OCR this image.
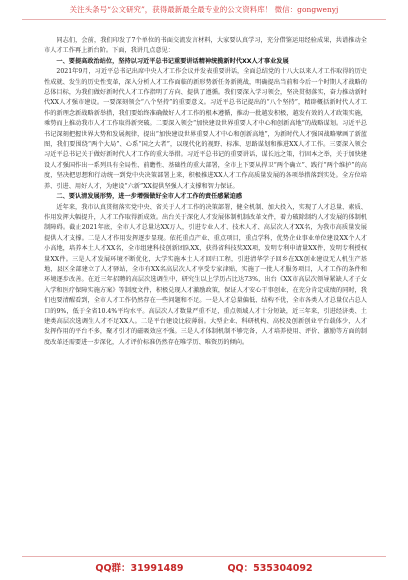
关注头条号“公文研究”，获得最新最全最专业的公文资料库！ 微信：gongwenyj

同志们，会前，我们印发了7个单位的书面交流发言材料，大家要认真学习，充分借鉴运用经验成果，共谱推动全市人才工作再上新台阶。下面，我讲几点意见：

一、要提高政治站位，坚持以习近平总书记重要讲话精神统揽新时代XX人才事业发展

2021年9月，习近平总书记出席中央人才工作会议并发表重要讲话，全面总结党的十八大以来人才工作取得的历史性成就、发生的历史性变革，深入分析人才工作面临的新形势新任务新挑战，明确提出当前和今后一个时期人才战略的总体目标，为我们做好新时代人才工作指明了方向、提供了遵循。我们要深入学习领会，坚决贯彻落实，奋力推动新时代XX人才强市建设。一要深刻领会“八个坚持”的重要意义。习近平总书记提出的“八个坚持”，精辟概括新时代人才工作的新理念新战略新举措，我们要始终准确做好人才工作的根本遵循，推动一批越发积极，越发有效的人才政策实施，乘势而上推动我市人才工作取得新突破。二要深入领会“加快建设世界重要人才中心和创新高地”的战略谋划。习近平总书记深刻把握世界大势和发展规律，提出“加快建设世界重要人才中心和创新高地”，为新时代人才强国战略擘画了新蓝图，我们要围绕“两个大局”、心系“国之大者”，以现代化的视野、标准、思路谋划和推进XX人才工作。三要深入领会习近平总书记关于做好新时代人才工作的重大举措。习近平总书记的重要讲话，谋长远之策，行固本之举，关于加快建设人才强国作出一系列具有全局性、前瞻性、基础性的重大部署，全市上下要从捍卫“两个确立”、践行“两个维护”的高度，坚决把思想和行动统一到党中央决策部署上来，积极推进XX人才工作高质量发展的各项举措落到实处。全方位培养、引进、用好人才，为建设“六新”XX提供坚强人才支撑和智力保证。

二、要认清发展形势，进一步增强做好全市人才工作的责任感紧迫感

近年来，我市认真贯彻落实党中央、省关于人才工作的决策部署，健全机制、加大投入，实现了人才总量、素质、作用发挥大幅提升，人才工作取得新成效。出台关于深化人才发展体制机制改革文件，着力破除制约人才发展的体制机制障碍。截止2021年底，全市人才总量达XX万人，引进专业人才、技术人才、高层次人才XX名，为我市高质量发展提供人才支撑。二是人才作用发挥逐步显现。依托重点产业、重点项目，重点学科，优势企业事业单位建设XX个人才小高地，培养本土人才XX名，全市组建科技创新团队XX，获得省科技奖XX项，发明专利申请量XX件，发明专利授权量XX件。三是人才发展环境不断优化，大学实施本土人才回归工程，引进清华学子回乡在XX创业建设无人机生产基地，县区全部建立了人才驿站，全市有XX名高层次人才享受专家津贴，实施了一批人才服务项目，人才工作的条件和环境逐步改善。在近三年招聘的高层次选调生中，研究生以上学历占比达73%，出台《XX市高层次领导紧缺人才子女入学和医疗保障实施方案》等制度文件，积极兑现人才激励政策，保证人才安心干事创业，在充分肯定成绩的同时，我们也要清醒看到，全市人才工作仍然存在一些问题和不足。一是人才总量偏低、结构不优，全市各类人才总量仅占总人口的9%，低于全省10.4%平均水平。高层次人才数量严重不足，重点领域人才十分短缺，近三年来，引进经济类、土建类高层次选调生人才不足XX人。二是平台建设比较薄弱。大型企业、科研机构、高校及创新创业平台载体少，人才发挥作用的平台不多，聚才引才的磁吸效应不强。三是人才体制机制不够完备，人才培养使用、评价、激励等方面的制度改革还需要进一步深化，人才评价标准仍然存在唯学历、唯资历的倾向。

QQ群：31991489	QQ：535304092
